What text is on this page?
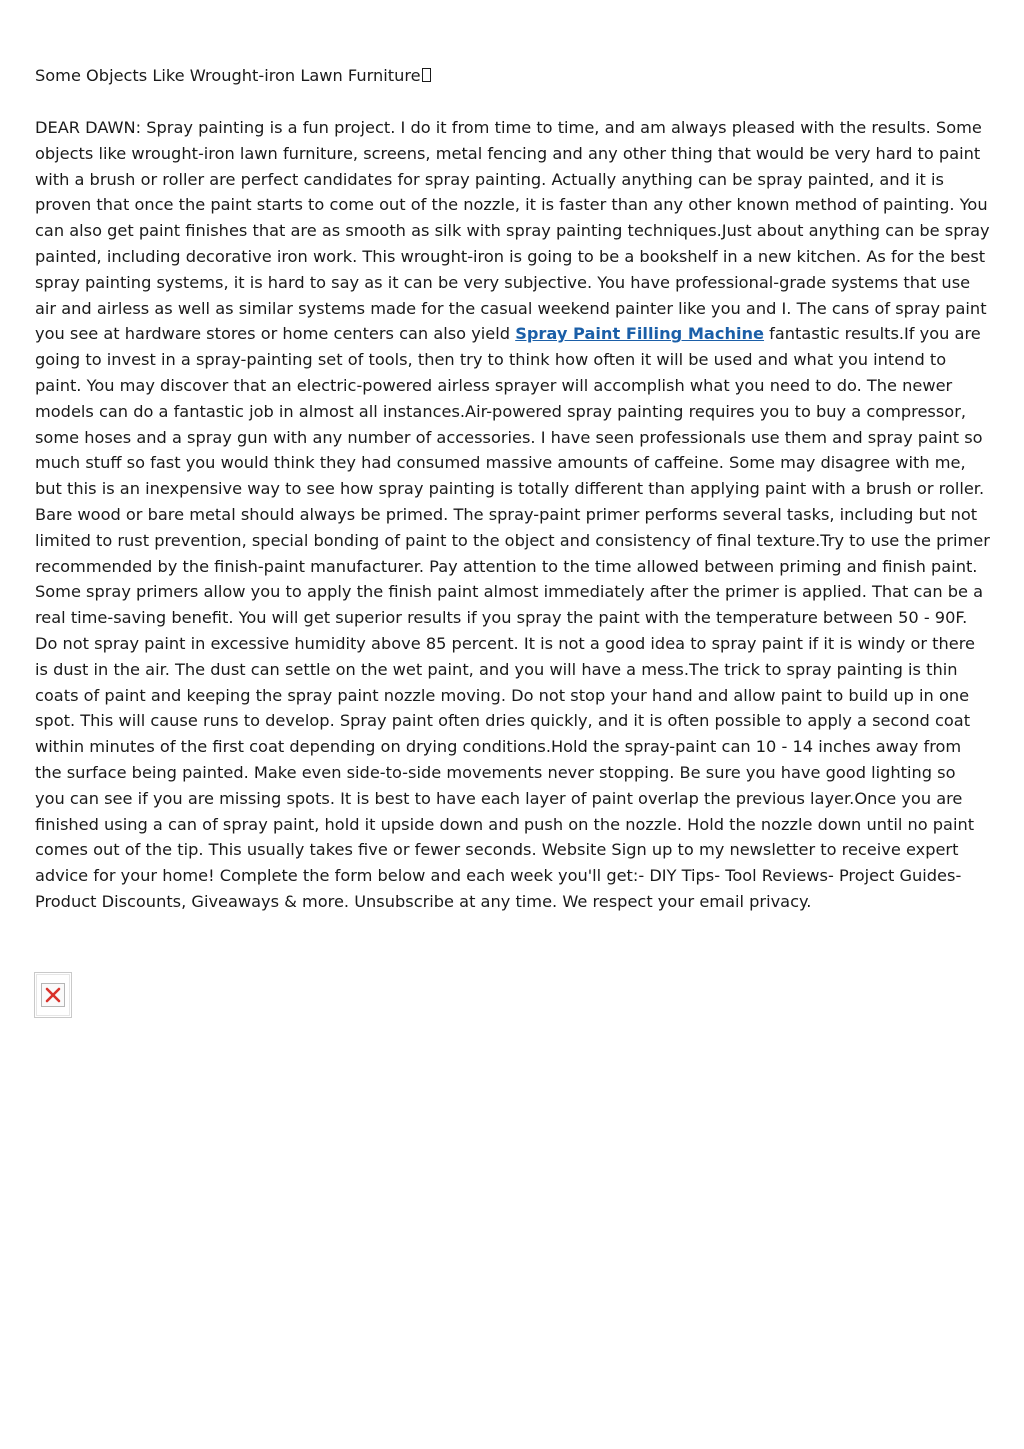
Some Objects Like Wrought-iron Lawn Furniture

DEAR DAWN: Spray painting is a fun project. I do it from time to time, and am always pleased with the results. Some objects like wrought-iron lawn furniture, screens, metal fencing and any other thing that would be very hard to paint with a brush or roller are perfect candidates for spray painting. Actually anything can be spray painted, and it is proven that once the paint starts to come out of the nozzle, it is faster than any other known method of painting. You can also get paint finishes that are as smooth as silk with spray painting techniques.Just about anything can be spray painted, including decorative iron work. This wrought-iron is going to be a bookshelf in a new kitchen. As for the best spray painting systems, it is hard to say as it can be very subjective. You have professional-grade systems that use air and airless as well as similar systems made for the casual weekend painter like you and I. The cans of spray paint you see at hardware stores or home centers can also yield Spray Paint Filling Machine fantastic results.If you are going to invest in a spray-painting set of tools, then try to think how often it will be used and what you intend to paint. You may discover that an electric-powered airless sprayer will accomplish what you need to do. The newer models can do a fantastic job in almost all instances.Air-powered spray painting requires you to buy a compressor, some hoses and a spray gun with any number of accessories. I have seen professionals use them and spray paint so much stuff so fast you would think they had consumed massive amounts of caffeine. Some may disagree with me, but this is an inexpensive way to see how spray painting is totally different than applying paint with a brush or roller. Bare wood or bare metal should always be primed. The spray-paint primer performs several tasks, including but not limited to rust prevention, special bonding of paint to the object and consistency of final texture.Try to use the primer recommended by the finish-paint manufacturer. Pay attention to the time allowed between priming and finish paint. Some spray primers allow you to apply the finish paint almost immediately after the primer is applied. That can be a real time-saving benefit. You will get superior results if you spray the paint with the temperature between 50 - 90F. Do not spray paint in excessive humidity above 85 percent. It is not a good idea to spray paint if it is windy or there is dust in the air. The dust can settle on the wet paint, and you will have a mess.The trick to spray painting is thin coats of paint and keeping the spray paint nozzle moving. Do not stop your hand and allow paint to build up in one spot. This will cause runs to develop. Spray paint often dries quickly, and it is often possible to apply a second coat within minutes of the first coat depending on drying conditions.Hold the spray-paint can 10 - 14 inches away from the surface being painted. Make even side-to-side movements never stopping. Be sure you have good lighting so you can see if you are missing spots. It is best to have each layer of paint overlap the previous layer.Once you are finished using a can of spray paint, hold it upside down and push on the nozzle. Hold the nozzle down until no paint comes out of the tip. This usually takes five or fewer seconds. Website Sign up to my newsletter to receive expert advice for your home! Complete the form below and each week you'll get:- DIY Tips- Tool Reviews- Project Guides- Product Discounts, Giveaways & more. Unsubscribe at any time. We respect your email privacy.
